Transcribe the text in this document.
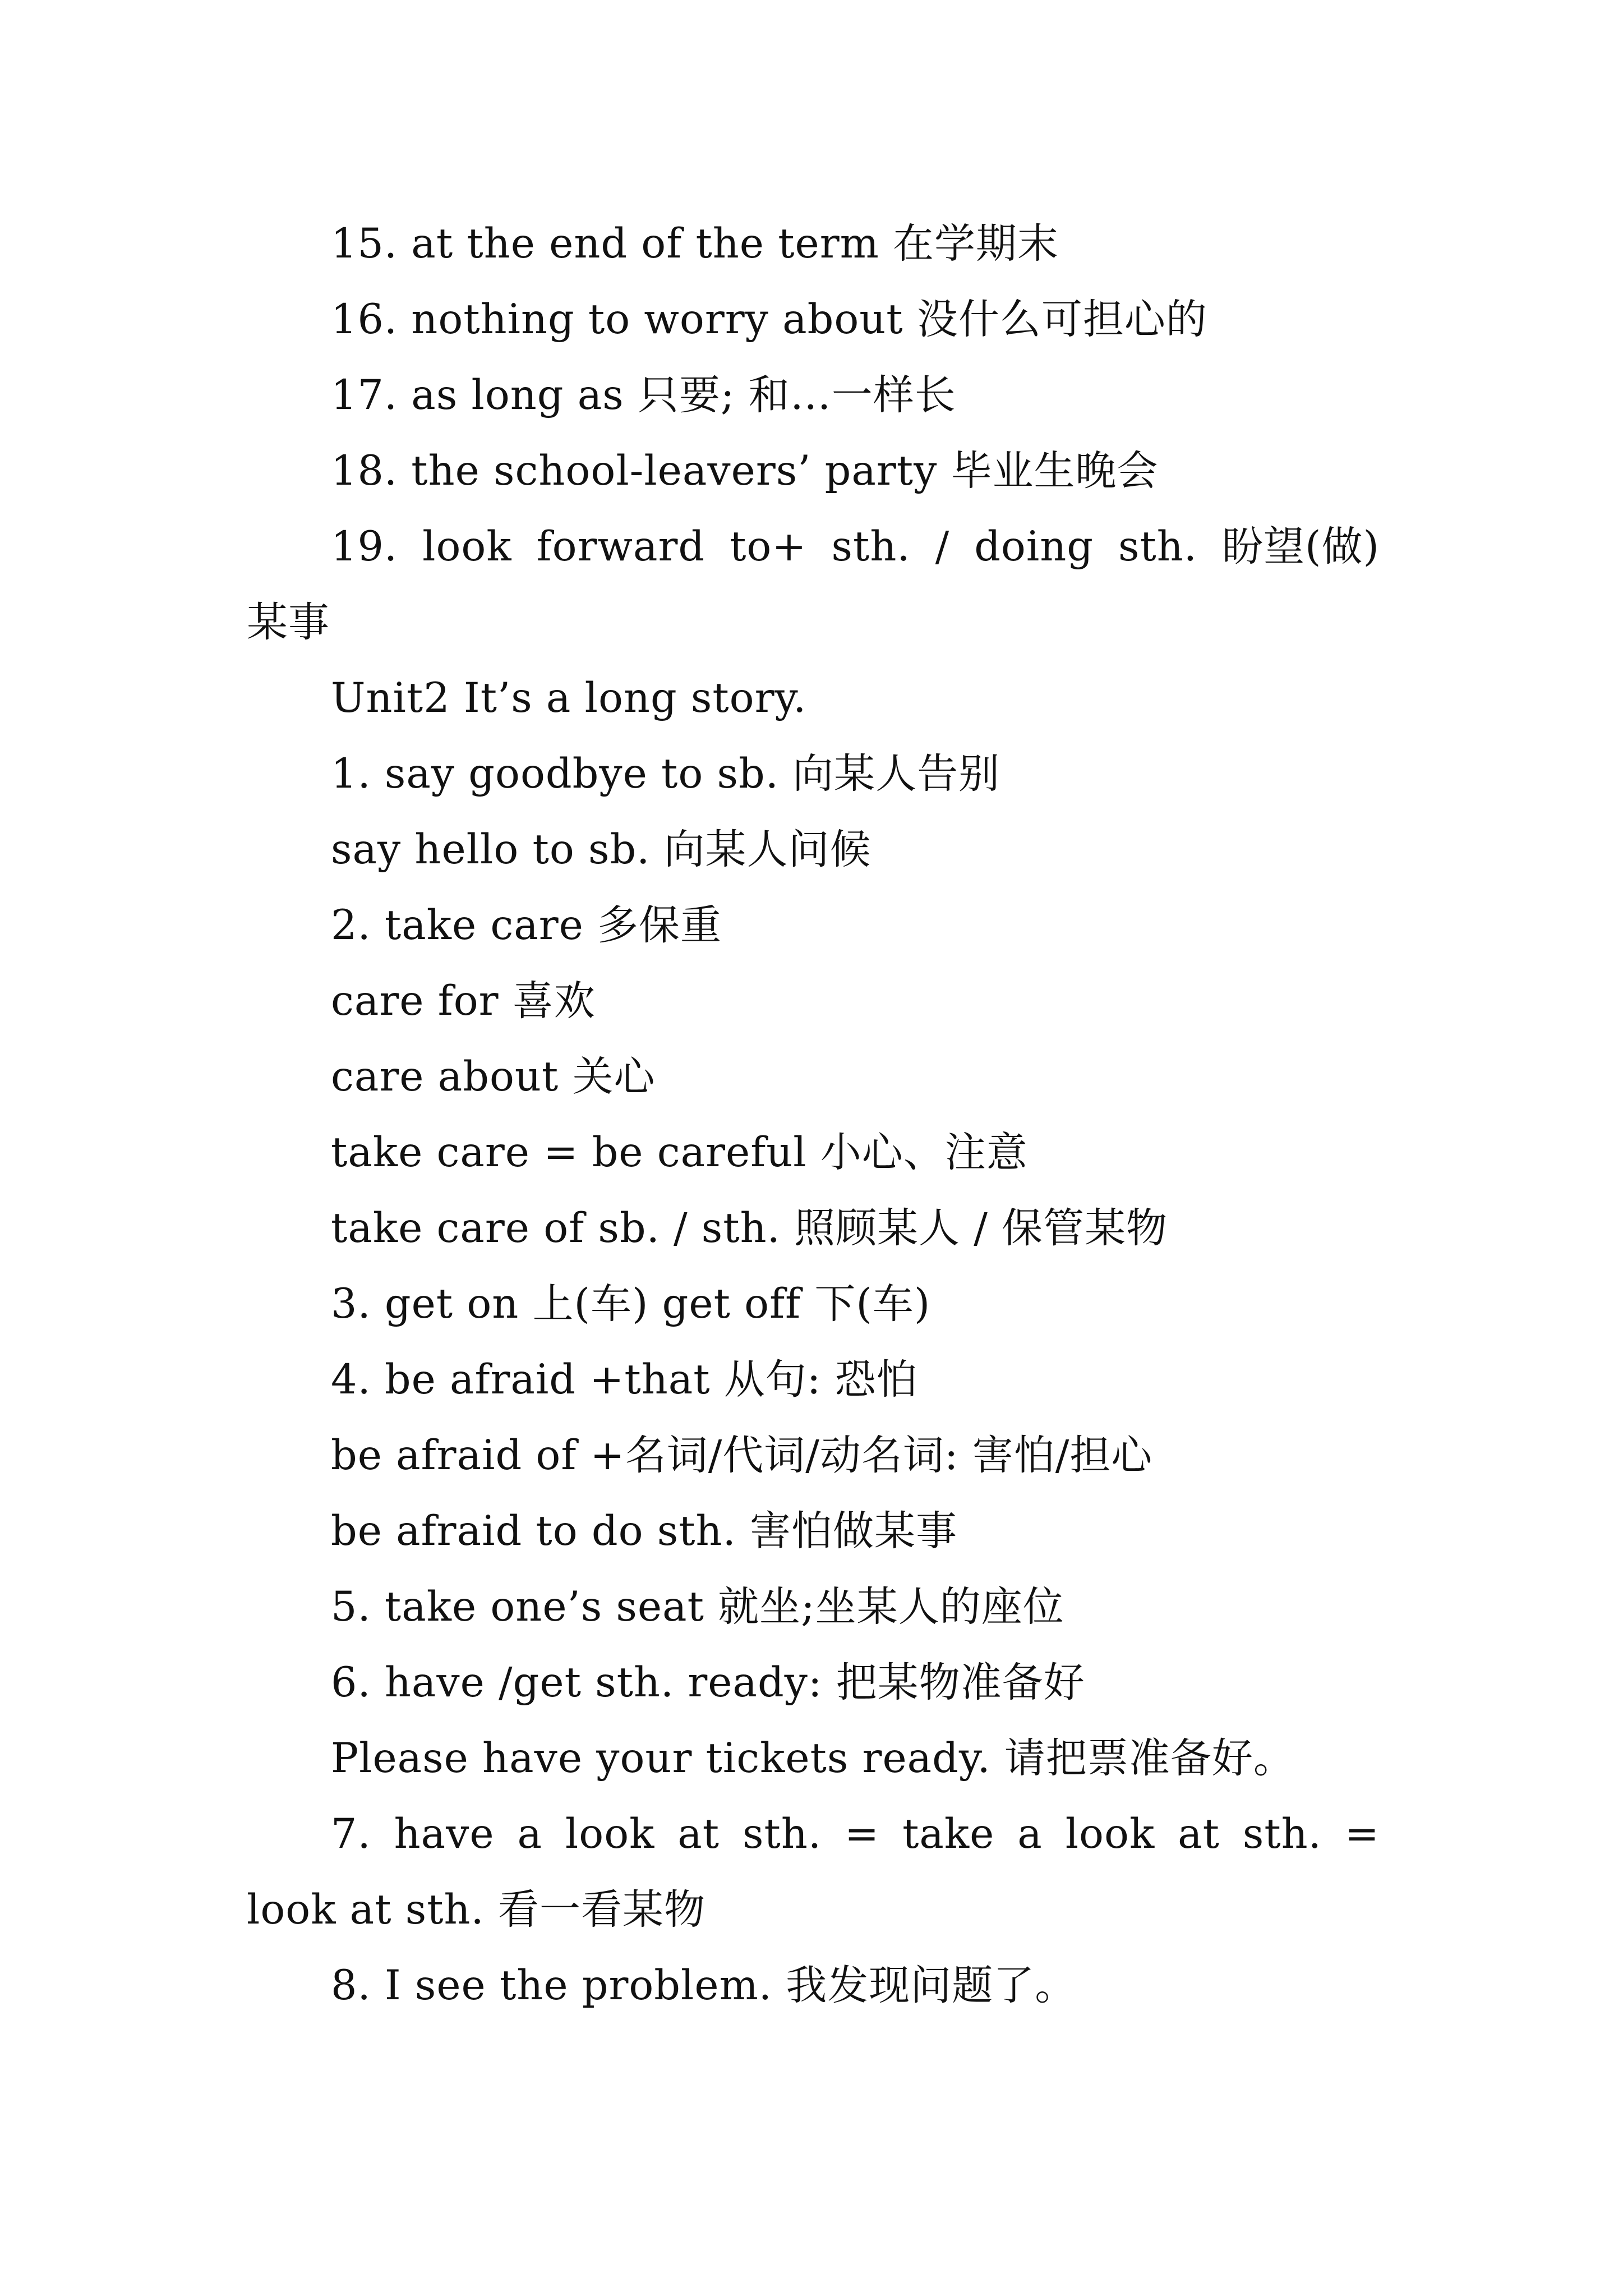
15. at the end of the term 在学期末
16. nothing to worry about 没什么可担心的
17. as long as 只要; 和…一样长
18. the school-leavers’ party 毕业生晚会
19. look forward to+ sth. / doing sth. 盼望(做)
某事
Unit2 It’s a long story.
1. say goodbye to sb. 向某人告别
say hello to sb. 向某人问候
2. take care 多保重
care for 喜欢
care about 关心
take care = be careful 小心、注意
take care of sb. / sth. 照顾某人 / 保管某物
3. get on 上(车) get off 下(车)
4. be afraid +that 从句: 恐怕
be afraid of +名词/代词/动名词: 害怕/担心
be afraid to do sth. 害怕做某事
5. take one’s seat 就坐;坐某人的座位
6. have /get sth. ready: 把某物准备好
Please have your tickets ready. 请把票准备好。
7. have a look at sth. = take a look at sth. =
look at sth. 看一看某物
8. I see the problem. 我发现问题了。
